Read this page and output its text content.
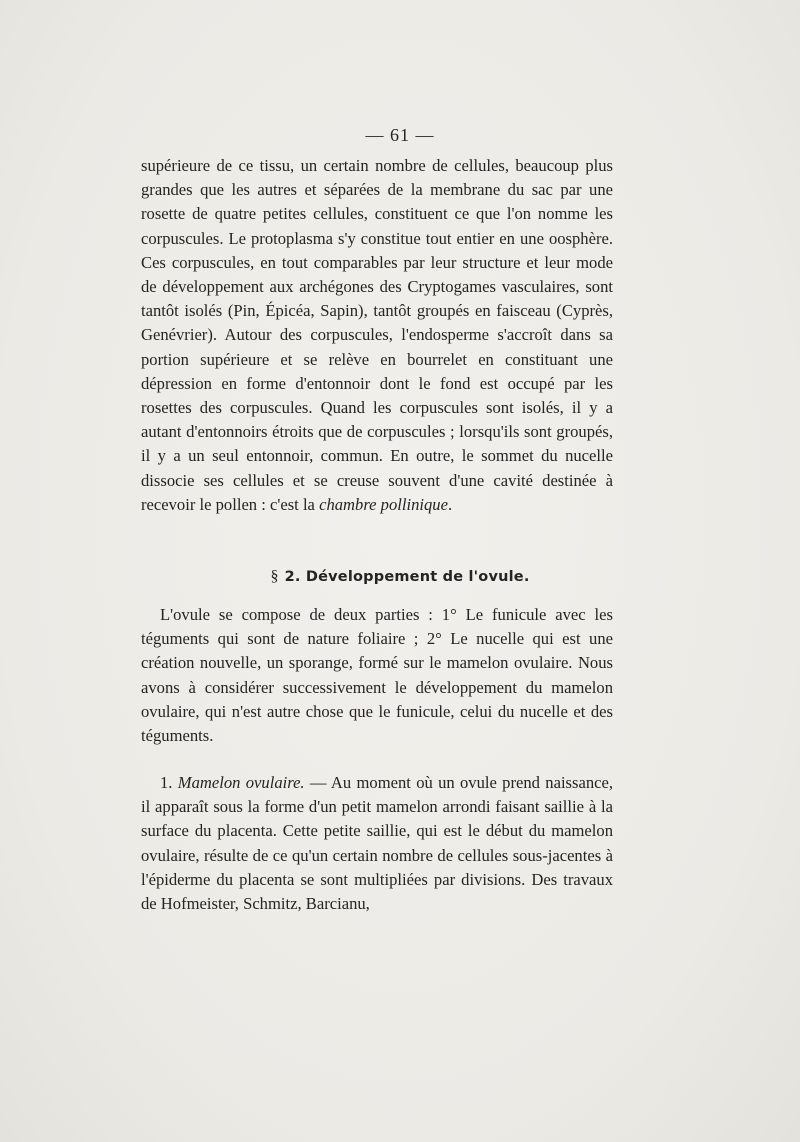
— 61 —

supérieure de ce tissu, un certain nombre de cellules, beaucoup plus grandes que les autres et séparées de la membrane du sac par une rosette de quatre petites cellules, constituent ce que l'on nomme les corpuscules. Le protoplasma s'y constitue tout entier en une oosphère. Ces corpuscules, en tout comparables par leur structure et leur mode de développement aux archégones des Cryptogames vasculaires, sont tantôt isolés (Pin, Épicéa, Sapin), tantôt groupés en faisceau (Cyprès, Genévrier). Autour des corpuscules, l'endosperme s'accroît dans sa portion supérieure et se relève en bourrelet en constituant une dépression en forme d'entonnoir dont le fond est occupé par les rosettes des corpuscules. Quand les corpuscules sont isolés, il y a autant d'entonnoirs étroits que de corpuscules ; lorsqu'ils sont groupés, il y a un seul entonnoir, commun. En outre, le sommet du nucelle dissocie ses cellules et se creuse souvent d'une cavité destinée à recevoir le pollen : c'est la chambre pollinique.

§ 2. Développement de l'ovule.

L'ovule se compose de deux parties : 1° Le funicule avec les téguments qui sont de nature foliaire ; 2° Le nucelle qui est une création nouvelle, un sporange, formé sur le mamelon ovulaire. Nous avons à considérer successivement le développement du mamelon ovulaire, qui n'est autre chose que le funicule, celui du nucelle et des téguments.

1. Mamelon ovulaire. — Au moment où un ovule prend naissance, il apparaît sous la forme d'un petit mamelon arrondi faisant saillie à la surface du placenta. Cette petite saillie, qui est le début du mamelon ovulaire, résulte de ce qu'un certain nombre de cellules sous-jacentes à l'épiderme du placenta se sont multipliées par divisions. Des travaux de Hofmeister, Schmitz, Barcianu,
